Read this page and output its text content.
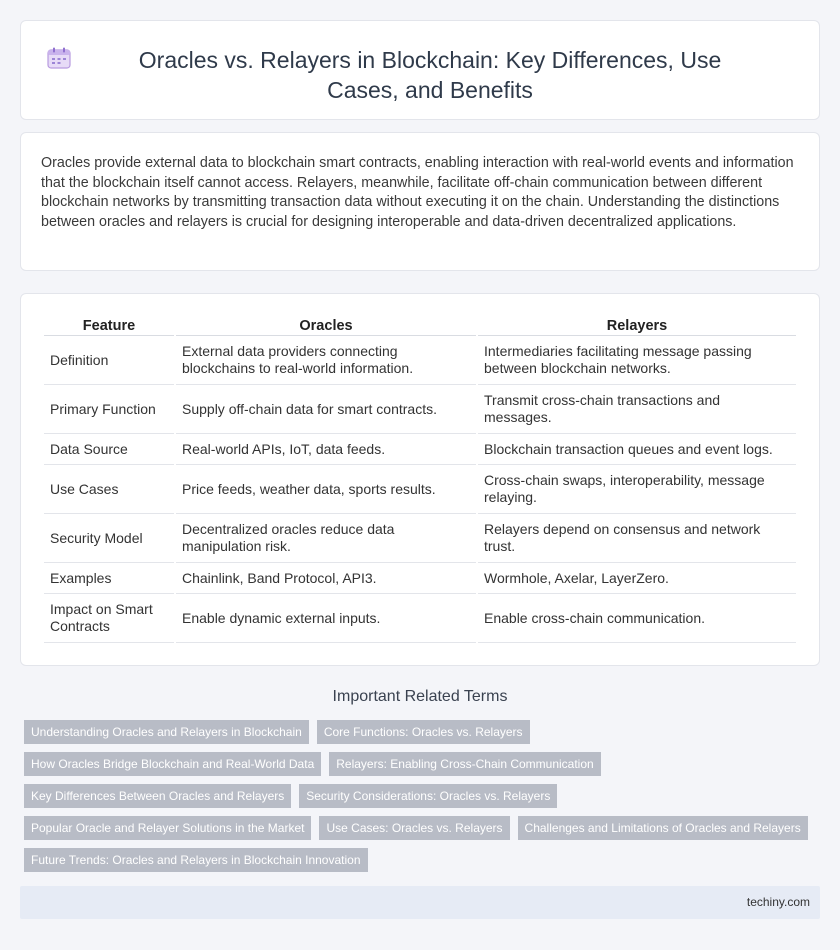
Oracles vs. Relayers in Blockchain: Key Differences, Use Cases, and Benefits

Oracles provide external data to blockchain smart contracts, enabling interaction with real-world events and information that the blockchain itself cannot access. Relayers, meanwhile, facilitate off-chain communication between different blockchain networks by transmitting transaction data without executing it on the chain. Understanding the distinctions between oracles and relayers is crucial for designing interoperable and data-driven decentralized applications.

Feature	Oracles	Relayers
Definition	External data providers connecting blockchains to real-world information.	Intermediaries facilitating message passing between blockchain networks.
Primary Function	Supply off-chain data for smart contracts.	Transmit cross-chain transactions and messages.
Data Source	Real-world APIs, IoT, data feeds.	Blockchain transaction queues and event logs.
Use Cases	Price feeds, weather data, sports results.	Cross-chain swaps, interoperability, message relaying.
Security Model	Decentralized oracles reduce data manipulation risk.	Relayers depend on consensus and network trust.
Examples	Chainlink, Band Protocol, API3.	Wormhole, Axelar, LayerZero.
Impact on Smart Contracts	Enable dynamic external inputs.	Enable cross-chain communication.
Important Related Terms
Understanding Oracles and Relayers in Blockchain	Core Functions: Oracles vs. Relayers
How Oracles Bridge Blockchain and Real-World Data	Relayers: Enabling Cross-Chain Communication
Key Differences Between Oracles and Relayers	Security Considerations: Oracles vs. Relayers
Popular Oracle and Relayer Solutions in the Market	Use Cases: Oracles vs. Relayers	Challenges and Limitations of Oracles and Relayers
Future Trends: Oracles and Relayers in Blockchain Innovation
techiny.com
